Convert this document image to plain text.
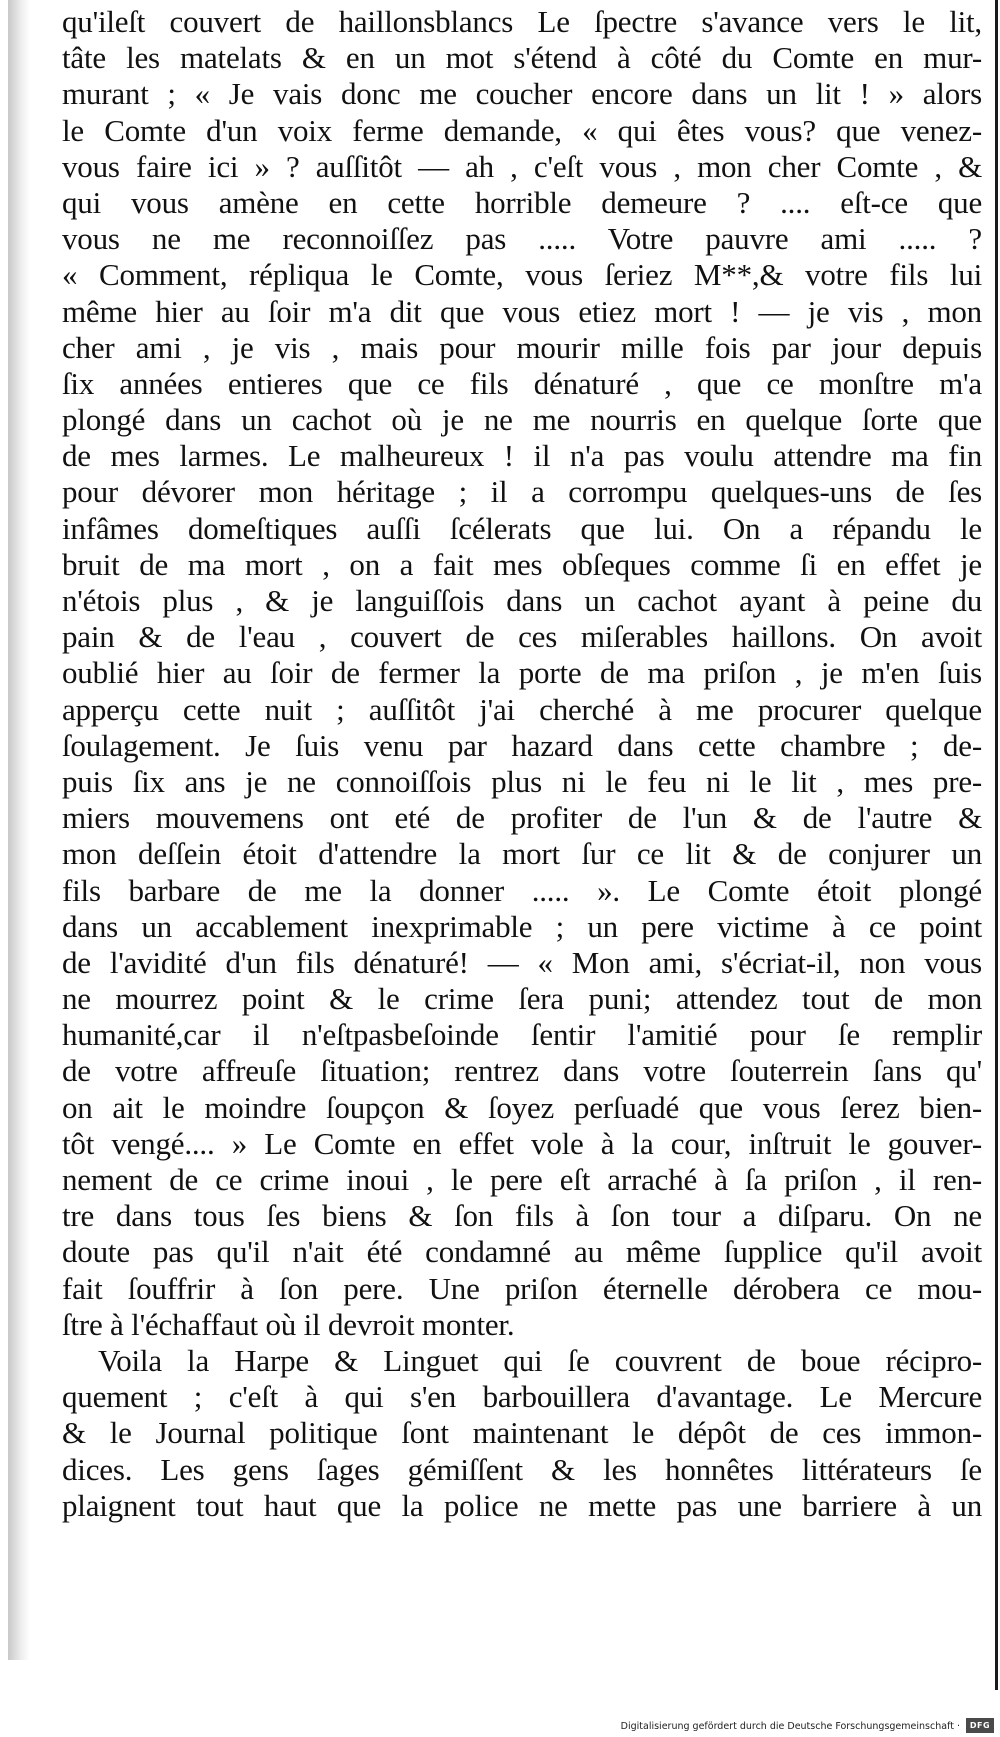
qu'ileſt couvert de haillonsblancs Le ſpectre s'avance vers le lit,
tâte les matelats & en un mot s'étend à côté du Comte en mur-
murant ; « Je vais donc me coucher encore dans un lit ! » alors
le Comte d'un voix ferme demande, « qui êtes vous? que venez-
vous faire ici » ? auſſitôt — ah , c'eſt vous , mon cher Comte , &
qui vous amène en cette horrible demeure ? .... eſt-ce que
vous ne me reconnoiſſez pas ..... Votre pauvre ami ..... ?
« Comment, répliqua le Comte, vous ſeriez M**,& votre fils lui
même hier au ſoir m'a dit que vous etiez mort ! — je vis , mon
cher ami , je vis , mais pour mourir mille fois par jour depuis
ſix années entieres que ce fils dénaturé , que ce monſtre m'a
plongé dans un cachot où je ne me nourris en quelque ſorte que
de mes larmes. Le malheureux ! il n'a pas voulu attendre ma fin
pour dévorer mon héritage ; il a corrompu quelques-uns de ſes
infâmes domeſtiques auſſi ſcélerats que lui. On a répandu le
bruit de ma mort , on a fait mes obſeques comme ſi en effet je
n'étois plus , & je languiſſois dans un cachot ayant à peine du
pain & de l'eau , couvert de ces miſerables haillons. On avoit
oublié hier au ſoir de fermer la porte de ma priſon , je m'en ſuis
apperçu cette nuit ; auſſitôt j'ai cherché à me procurer quelque
ſoulagement. Je ſuis venu par hazard dans cette chambre ; de-
puis ſix ans je ne connoiſſois plus ni le feu ni le lit , mes pre-
miers mouvemens ont eté de profiter de l'un & de l'autre &
mon deſſein étoit d'attendre la mort ſur ce lit & de conjurer un
fils barbare de me la donner ..... ». Le Comte étoit plongé
dans un accablement inexprimable ; un pere victime à ce point
de l'avidité d'un fils dénaturé! — « Mon ami, s'écriat-il, non vous
ne mourrez point & le crime ſera puni; attendez tout de mon
humanité,car il n'eſtpasbeſoinde ſentir l'amitié pour ſe remplir
de votre affreuſe ſituation; rentrez dans votre ſouterrein ſans qu'
on ait le moindre ſoupçon & ſoyez perſuadé que vous ſerez bien-
tôt vengé.... » Le Comte en effet vole à la cour, inſtruit le gouver-
nement de ce crime inoui , le pere eſt arraché à ſa priſon , il ren-
tre dans tous ſes biens & ſon fils à ſon tour a diſparu. On ne
doute pas qu'il n'ait été condamné au même ſupplice qu'il avoit
fait ſouffrir à ſon pere. Une priſon éternelle dérobera ce mou-
ſtre à l'échaffaut où il devroit monter.
Voila la Harpe & Linguet qui ſe couvrent de boue récipro-
quement ; c'eſt à qui s'en barbouillera d'avantage. Le Mercure
& le Journal politique ſont maintenant le dépôt de ces immon-
dices. Les gens ſages gémiſſent & les honnêtes littérateurs ſe
plaignent tout haut que la police ne mette pas une barriere à un
Digitalisierung gefördert durch die Deutsche Forschungsgemeinschaft ·	DFG
